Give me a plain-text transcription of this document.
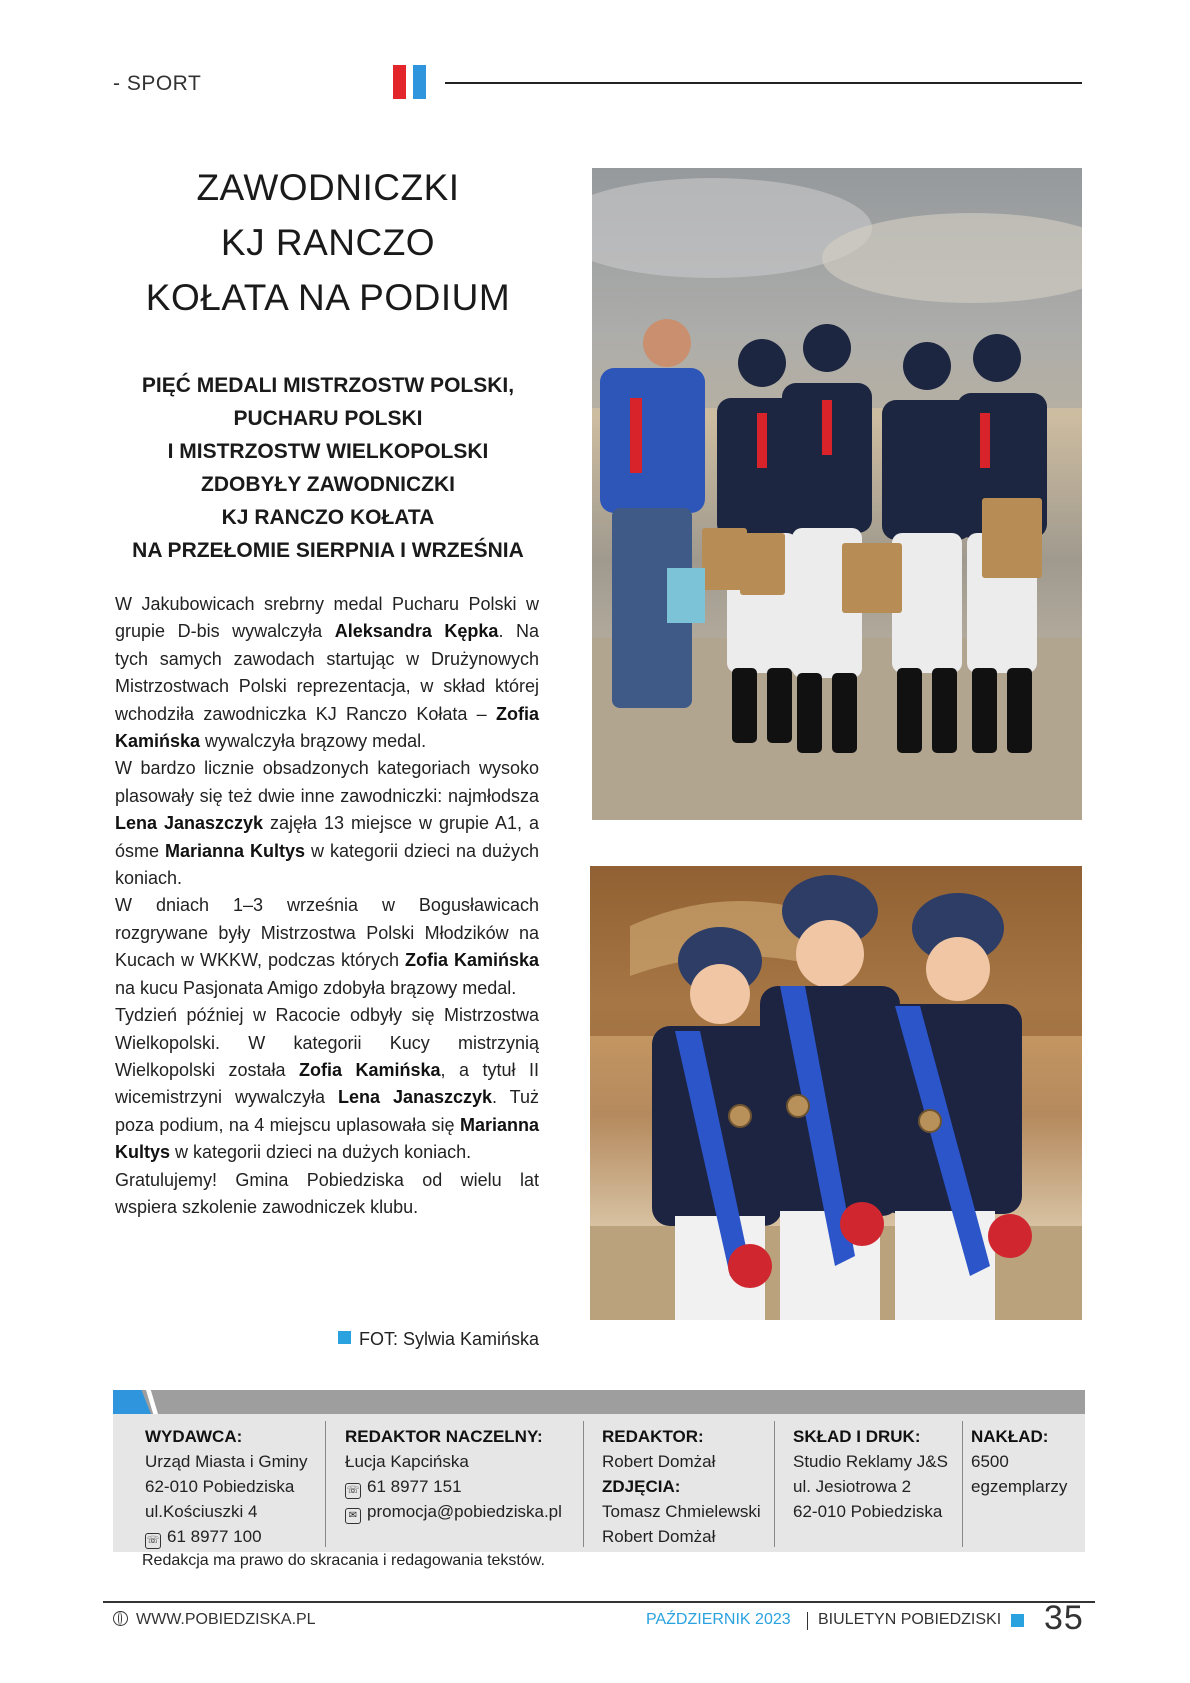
- SPORT
ZAWODNICZKI
KJ RANCZO
KOŁATA NA PODIUM
PIĘĆ MEDALI MISTRZOSTW POLSKI,
PUCHARU POLSKI
I MISTRZOSTW WIELKOPOLSKI
ZDOBYŁY ZAWODNICZKI
KJ RANCZO KOŁATA
NA PRZEŁOMIE SIERPNIA I WRZEŚNIA

W Jakubowicach srebrny medal Pucharu Polski w grupie D-bis wywalczyła Aleksandra Kępka. Na tych samych zawodach startując w Drużynowych Mistrzostwach Polski reprezentacja, w skład której wchodziła zawodniczka KJ Ranczo Kołata – Zofia Kamińska wywalczyła brązowy medal.

W bardzo licznie obsadzonych kategoriach wysoko plasowały się też dwie inne zawodniczki: najmłodsza Lena Janaszczyk zajęła 13 miejsce w grupie A1, a ósme Marianna Kultys w kategorii dzieci na dużych koniach.

W dniach 1–3 września w Bogusławicach rozgrywane były Mistrzostwa Polski Młodzików na Kucach w WKKW, podczas których Zofia Kamińska na kucu Pasjonata Amigo zdobyła brązowy medal.

Tydzień później w Racocie odbyły się Mistrzostwa Wielkopolski. W kategorii Kucy mistrzynią Wielkopolski została Zofia Kamińska, a tytuł II wicemistrzyni wywalczyła Lena Janaszczyk. Tuż poza podium, na 4 miejscu uplasowała się Marianna Kultys w kategorii dzieci na dużych koniach.

Gratulujemy! Gmina Pobiedziska od wielu lat wspiera szkolenie zawodniczek klubu.

FOT: Sylwia Kamińska
WYDAWCA:
Urząd Miasta i Gminy
62-010 Pobiedziska
ul.Kościuszki 4
☏ 61 8977 100
REDAKTOR NACZELNY:
Łucja Kapcińska
☏ 61 8977 151
✉ promocja@pobiedziska.pl
REDAKTOR:
Robert Domżał
ZDJĘCIA:
Tomasz Chmielewski
Robert Domżał
SKŁAD I DRUK:
Studio Reklamy J&S
ul. Jesiotrowa 2
62-010 Pobiedziska
NAKŁAD:
6500
egzemplarzy
Redakcja ma prawo do skracania i redagowania tekstów.
WWW.POBIEDZISKA.PL	PAŹDZIERNIK 2023 BIULETYN POBIEDZISKI 35
